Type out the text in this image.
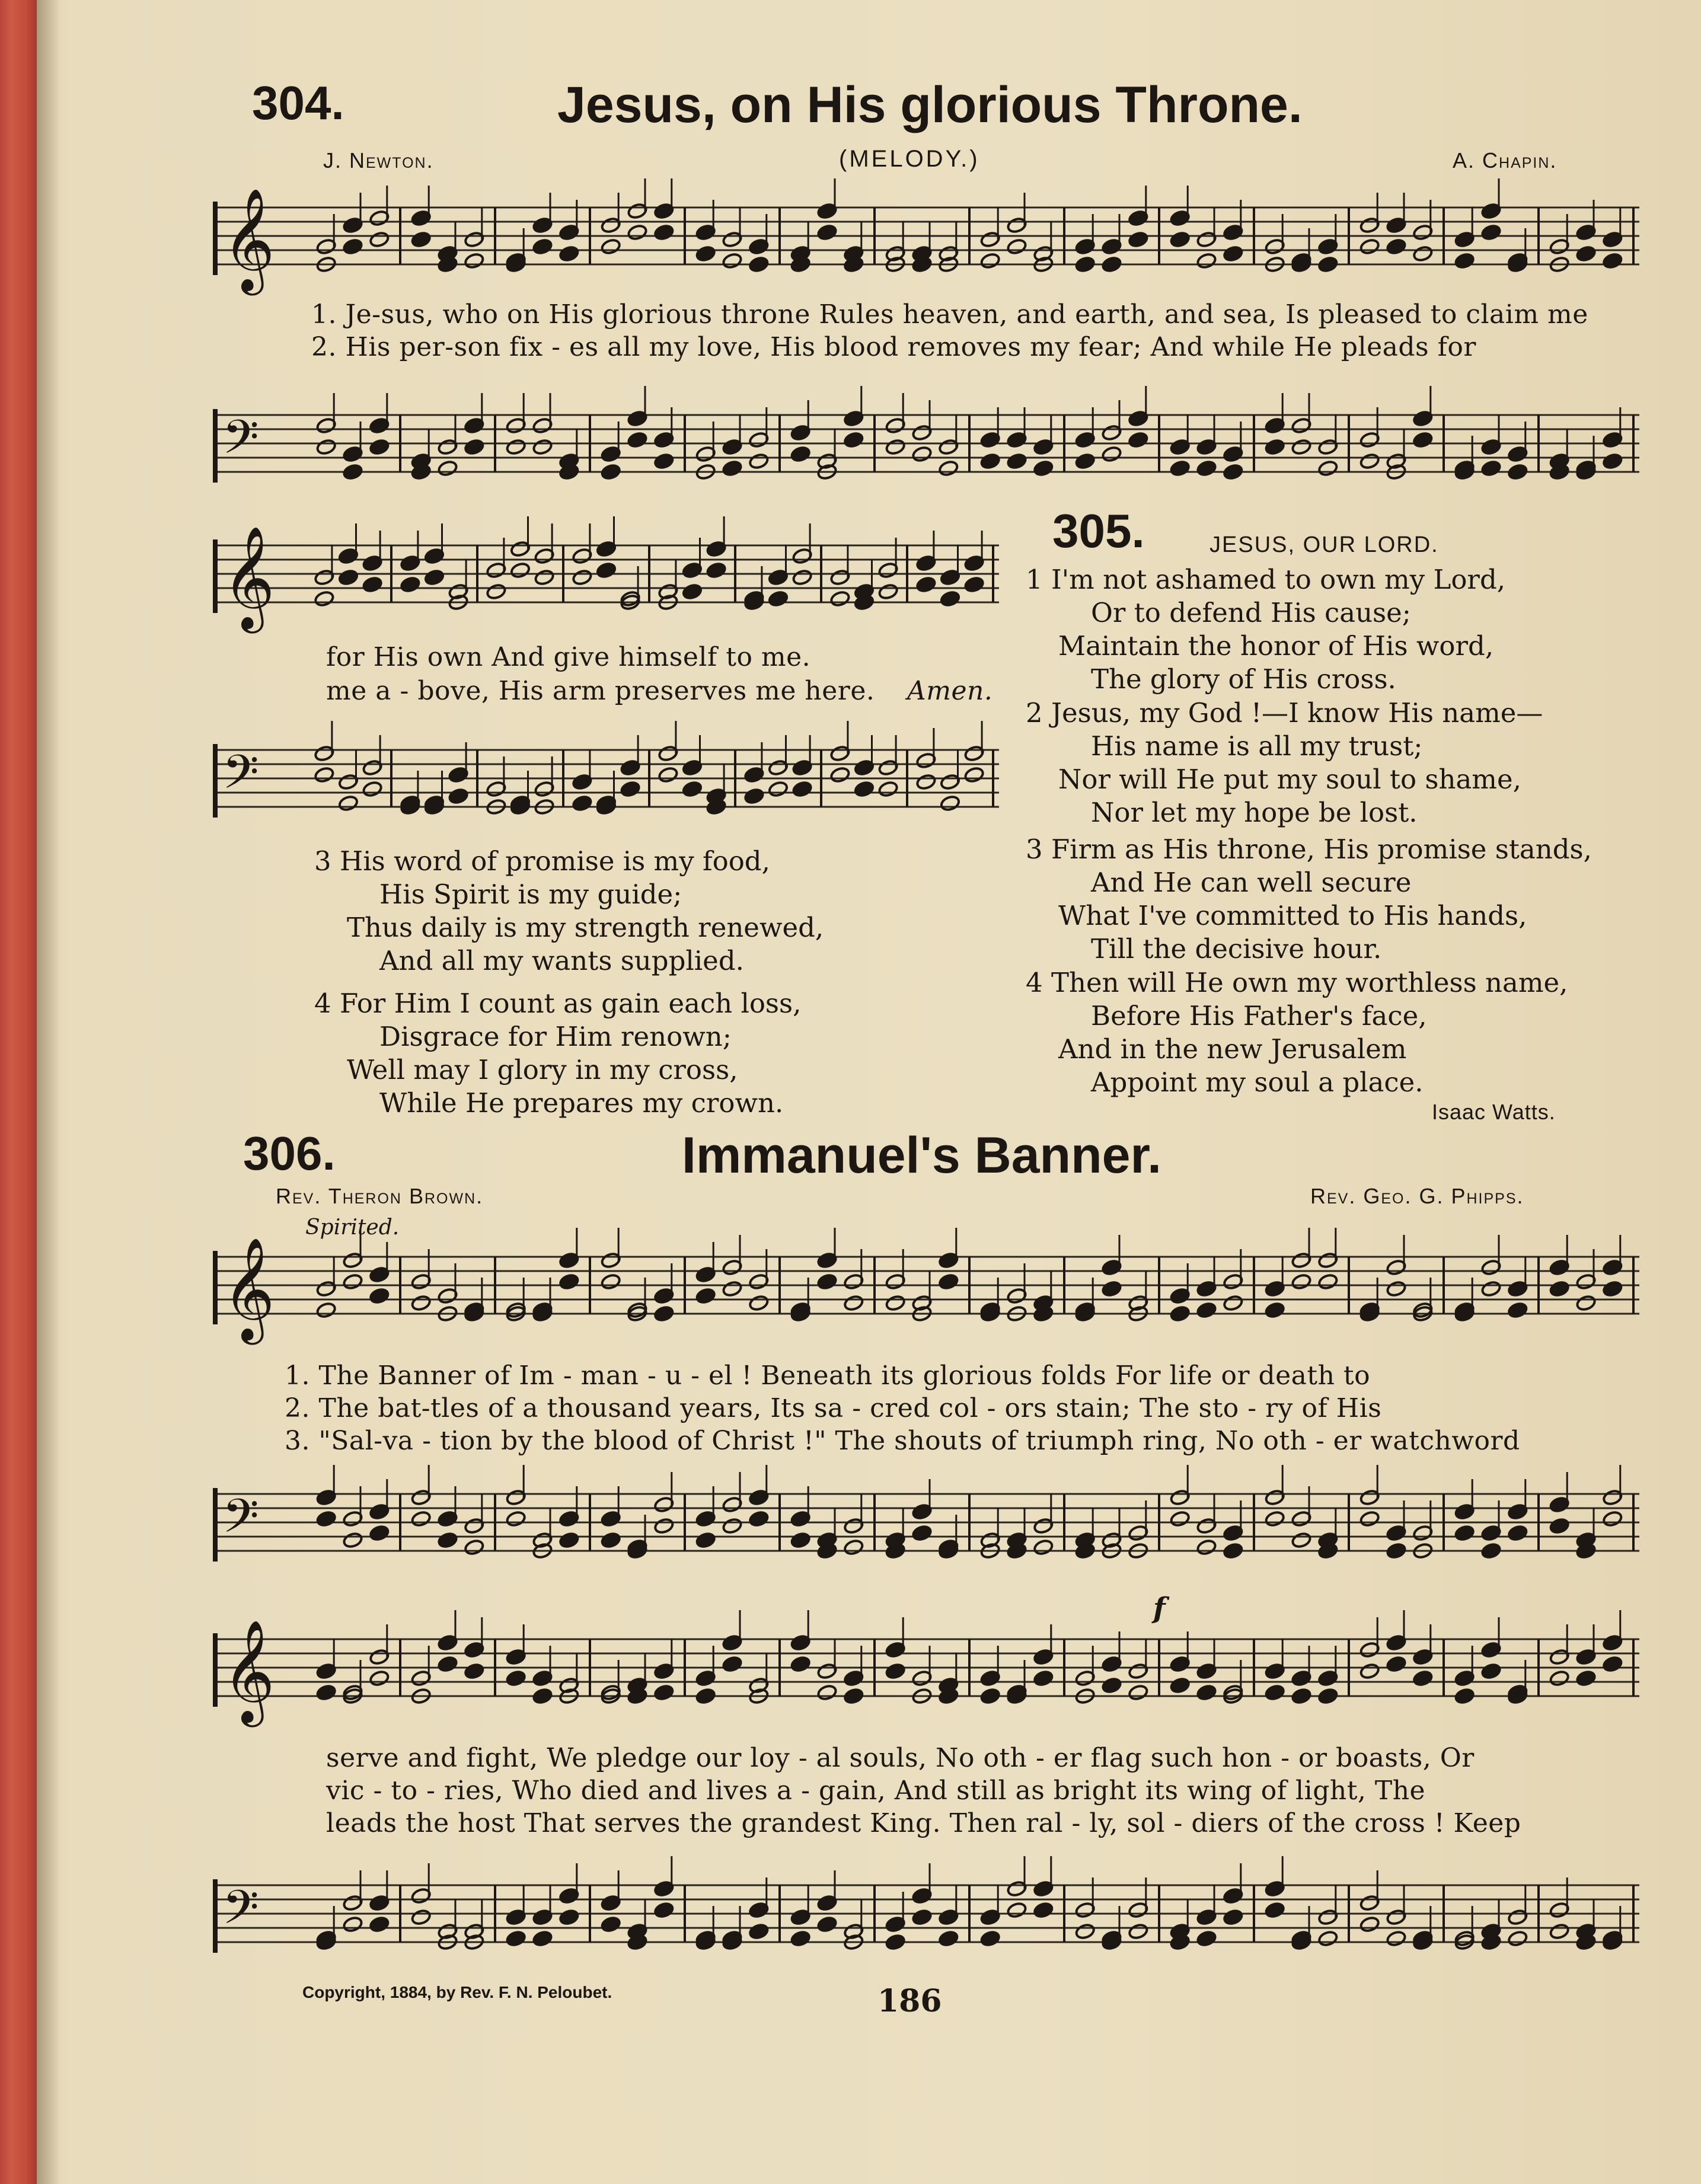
304.	Jesus, on His glorious Throne.
J. Newton.	(MELODY.)	A. Chapin.
𝄞
1. Je-sus, who on His glorious throne Rules heaven, and earth, and sea, Is pleased to claim me
2. His per-son fix - es all my love, His blood removes my fear; And while He pleads for
𝄢
𝄞
for His own And give himself to me.
me a - bove, His arm preserves me here. Amen.
𝄢
3 His word of promise is my food,
His Spirit is my guide;
Thus daily is my strength renewed,
And all my wants supplied.
4 For Him I count as gain each loss,
Disgrace for Him renown;
Well may I glory in my cross,
While He prepares my crown.
305.	JESUS, OUR LORD.
1 I'm not ashamed to own my Lord,
Or to defend His cause;
Maintain the honor of His word,
The glory of His cross.
2 Jesus, my God !—I know His name—
His name is all my trust;
Nor will He put my soul to shame,
Nor let my hope be lost.
3 Firm as His throne, His promise stands,
And He can well secure
What I've committed to His hands,
Till the decisive hour.
4 Then will He own my worthless name,
Before His Father's face,
And in the new Jerusalem
Appoint my soul a place.
Isaac Watts.
306.	Immanuel's Banner.
Rev. Theron Brown.	Rev. Geo. G. Phipps.
Spirited.
𝄞
1. The Banner of Im - man - u - el ! Beneath its glorious folds For life or death to
2. The bat-tles of a thousand years, Its sa - cred col - ors stain; The sto - ry of His
3. "Sal-va - tion by the blood of Christ !" The shouts of triumph ring, No oth - er watchword
𝄢
f
𝄞
serve and fight, We pledge our loy - al souls, No oth - er flag such hon - or boasts, Or
vic - to - ries, Who died and lives a - gain, And still as bright its wing of light, The
leads the host That serves the grandest King. Then ral - ly, sol - diers of the cross ! Keep
𝄢
Copyright, 1884, by Rev. F. N. Peloubet.	186
